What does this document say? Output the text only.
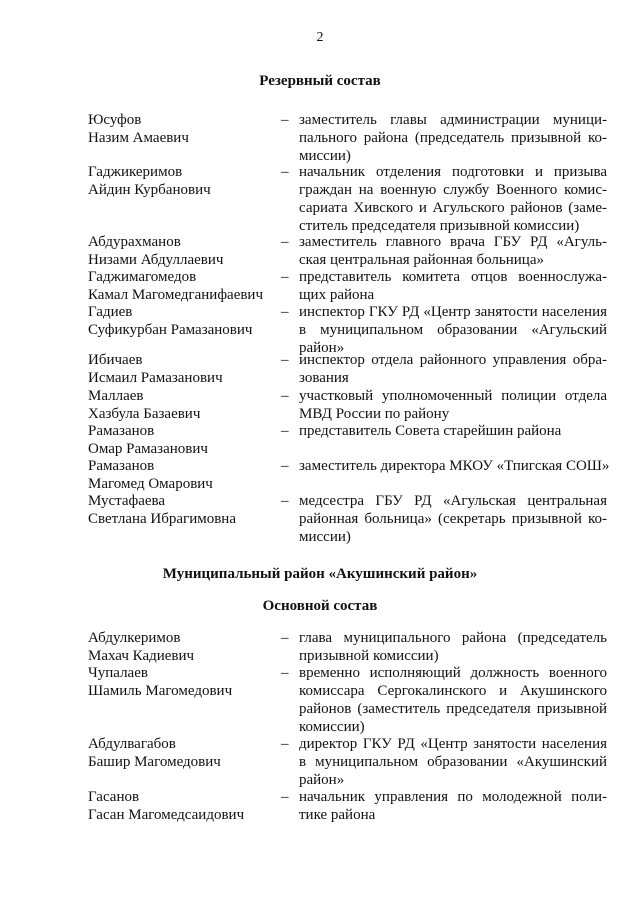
2
Резервный состав
Юсуфов
Назим Амаевич
– заместитель главы администрации муници-
пального района (председатель призывной ко-
миссии)
Гаджикеримов
Айдин Курбанович
– начальник отделения подготовки и призыва
граждан на военную службу Военного комис-
сариата Хивского и Агульского районов (заме-
ститель председателя призывной комиссии)
Абдурахманов
Низами Абдуллаевич
– заместитель главного врача ГБУ РД «Агуль-
ская центральная районная больница»
Гаджимагомедов
Камал Магомедганифаевич
– представитель комитета отцов военнослужа-
щих района
Гадиев
Суфикурбан Рамазанович
– инспектор ГКУ РД «Центр занятости населения
в муниципальном образовании «Агульский
район»
Ибичаев
Исмаил Рамазанович
– инспектор отдела районного управления обра-
зования
Маллаев
Хазбула Базаевич
– участковый уполномоченный полиции отдела
МВД России по району
Рамазанов
Омар Рамазанович
– представитель Совета старейшин района
Рамазанов
Магомед Омарович
– заместитель директора МКОУ «Тпигская СОШ»
Мустафаева
Светлана Ибрагимовна
– медсестра ГБУ РД «Агульская центральная
районная больница» (секретарь призывной ко-
миссии)
Муниципальный район «Акушинский район»
Основной состав
Абдулкеримов
Махач Кадиевич
– глава муниципального района (председатель
призывной комиссии)
Чупалаев
Шамиль Магомедович
– временно исполняющий должность военного
комиссара Сергокалинского и Акушинского
районов (заместитель председателя призывной
комиссии)
Абдулвагабов
Башир Магомедович
– директор ГКУ РД «Центр занятости населения
в муниципальном образовании «Акушинский
район»
Гасанов
Гасан Магомедсаидович
– начальник управления по молодежной поли-
тике района
